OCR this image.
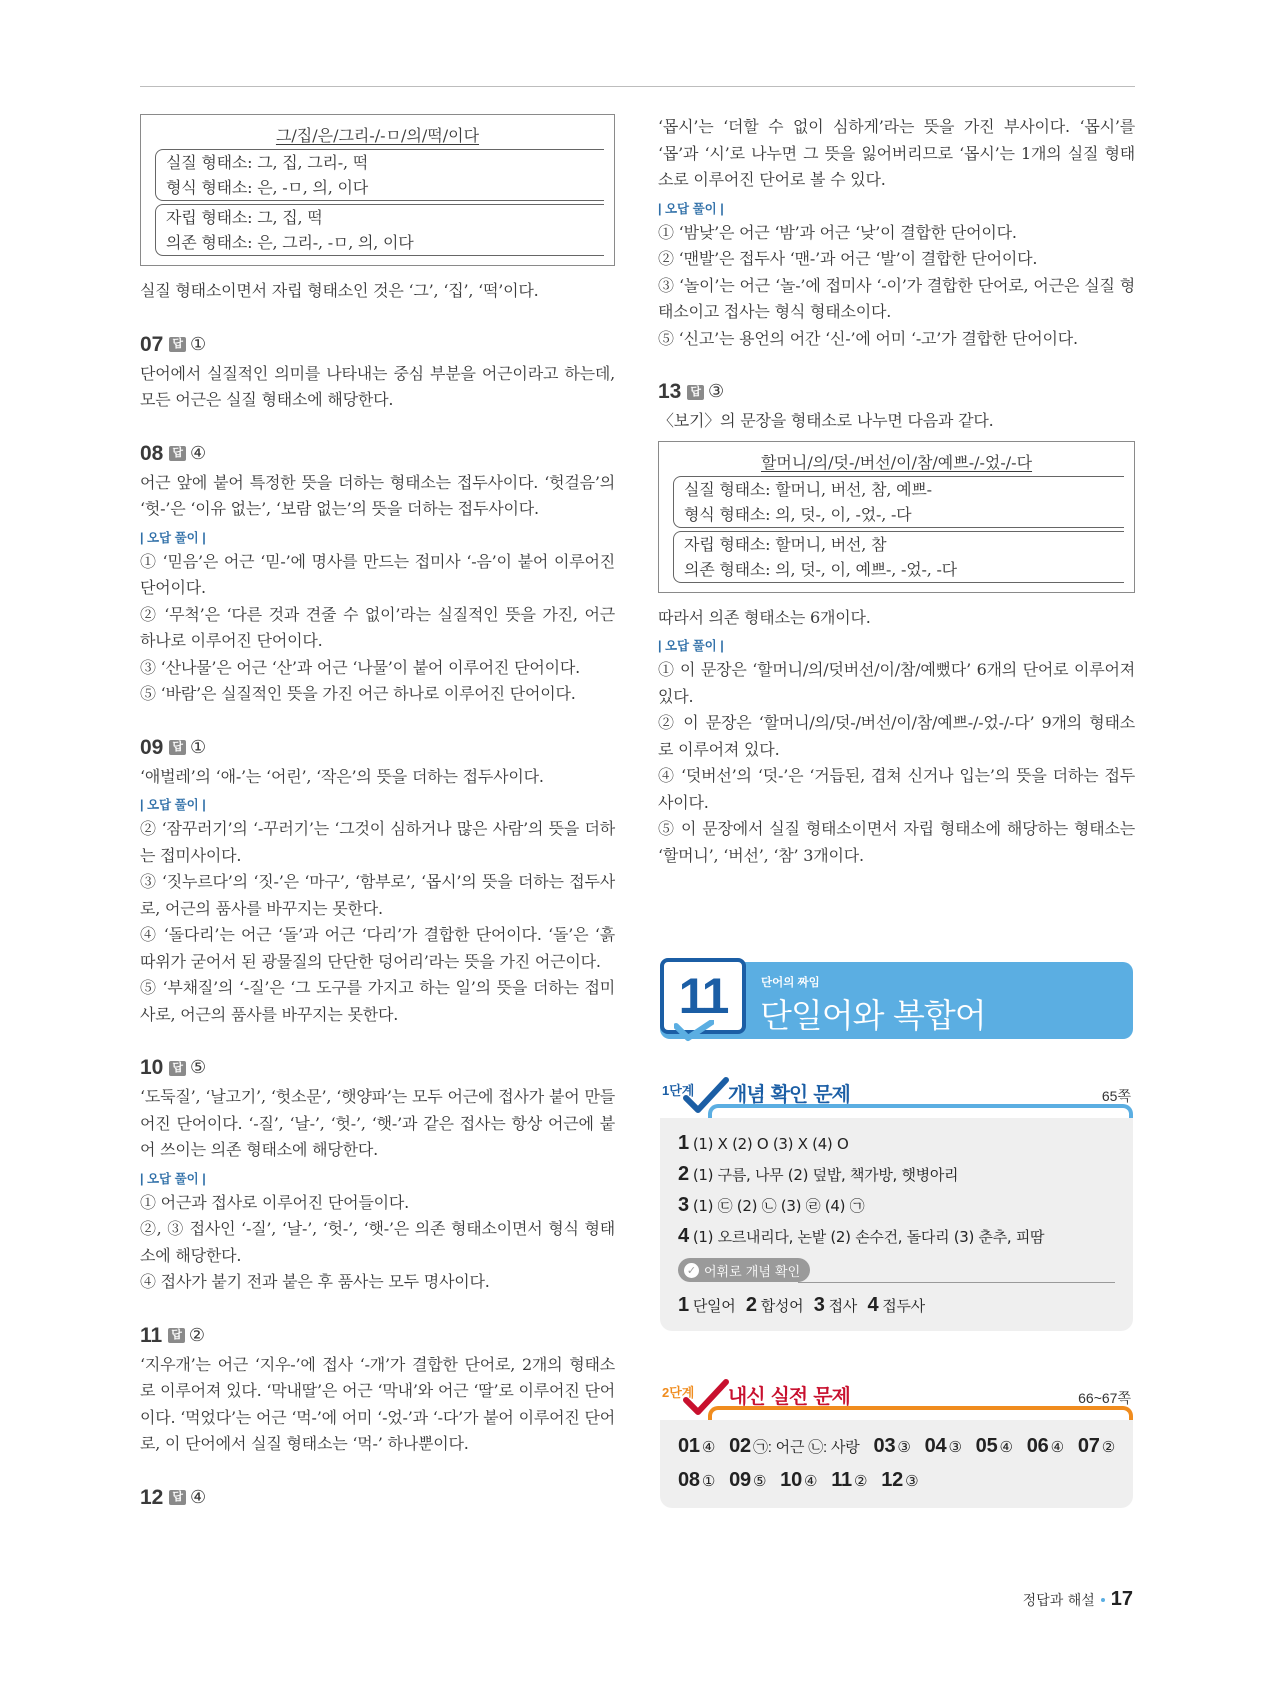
그/집/은/그리-/-ㅁ/의/떡/이다

실질 형태소: 그, 집, 그리-, 떡

형식 형태소: 은, -ㅁ, 의, 이다

자립 형태소: 그, 집, 떡

의존 형태소: 은, 그리-, -ㅁ, 의, 이다

실질 형태소이면서 자립 형태소인 것은 ‘그’, ‘집’, ‘떡’이다.

07 답 ①

단어에서 실질적인 의미를 나타내는 중심 부분을 어근이라고 하는데, 모든 어근은 실질 형태소에 해당한다.

08 답 ④

어근 앞에 붙어 특정한 뜻을 더하는 형태소는 접두사이다. ‘헛걸음’의 ‘헛-’은 ‘이유 없는’, ‘보람 없는’의 뜻을 더하는 접두사이다.

| 오답 풀이 |

① ‘믿음’은 어근 ‘믿-’에 명사를 만드는 접미사 ‘-음’이 붙어 이루어진 단어이다.

② ‘무척’은 ‘다른 것과 견줄 수 없이’라는 실질적인 뜻을 가진, 어근 하나로 이루어진 단어이다.

③ ‘산나물’은 어근 ‘산’과 어근 ‘나물’이 붙어 이루어진 단어이다.

⑤ ‘바람’은 실질적인 뜻을 가진 어근 하나로 이루어진 단어이다.

09 답 ①

‘애벌레’의 ‘애-’는 ‘어린’, ‘작은’의 뜻을 더하는 접두사이다.

| 오답 풀이 |

② ‘잠꾸러기’의 ‘-꾸러기’는 ‘그것이 심하거나 많은 사람’의 뜻을 더하는 접미사이다.

③ ‘짓누르다’의 ‘짓-’은 ‘마구’, ‘함부로’, ‘몹시’의 뜻을 더하는 접두사로, 어근의 품사를 바꾸지는 못한다.

④ ‘돌다리’는 어근 ‘돌’과 어근 ‘다리’가 결합한 단어이다. ‘돌’은 ‘흙 따위가 굳어서 된 광물질의 단단한 덩어리’라는 뜻을 가진 어근이다.

⑤ ‘부채질’의 ‘-질’은 ‘그 도구를 가지고 하는 일’의 뜻을 더하는 접미사로, 어근의 품사를 바꾸지는 못한다.

10 답 ⑤

‘도둑질’, ‘날고기’, ‘헛소문’, ‘햇양파’는 모두 어근에 접사가 붙어 만들어진 단어이다. ‘-질’, ‘날-’, ‘헛-’, ‘햇-’과 같은 접사는 항상 어근에 붙어 쓰이는 의존 형태소에 해당한다.

| 오답 풀이 |

① 어근과 접사로 이루어진 단어들이다.

②, ③ 접사인 ‘-질’, ‘날-’, ‘헛-’, ‘햇-’은 의존 형태소이면서 형식 형태소에 해당한다.

④ 접사가 붙기 전과 붙은 후 품사는 모두 명사이다.

11 답 ②

‘지우개’는 어근 ‘지우-’에 접사 ‘-개’가 결합한 단어로, 2개의 형태소로 이루어져 있다. ‘막내딸’은 어근 ‘막내’와 어근 ‘딸’로 이루어진 단어이다. ‘먹었다’는 어근 ‘먹-’에 어미 ‘-었-’과 ‘-다’가 붙어 이루어진 단어로, 이 단어에서 실질 형태소는 ‘먹-’ 하나뿐이다.

12 답 ④

‘몹시’는 ‘더할 수 없이 심하게’라는 뜻을 가진 부사이다. ‘몹시’를 ‘몹’과 ‘시’로 나누면 그 뜻을 잃어버리므로 ‘몹시’는 1개의 실질 형태소로 이루어진 단어로 볼 수 있다.

| 오답 풀이 |

① ‘밤낮’은 어근 ‘밤’과 어근 ‘낮’이 결합한 단어이다.

② ‘맨발’은 접두사 ‘맨-’과 어근 ‘발’이 결합한 단어이다.

③ ‘놀이’는 어근 ‘놀-’에 접미사 ‘-이’가 결합한 단어로, 어근은 실질 형태소이고 접사는 형식 형태소이다.

⑤ ‘신고’는 용언의 어간 ‘신-’에 어미 ‘-고’가 결합한 단어이다.

13 답 ③

〈보기〉의 문장을 형태소로 나누면 다음과 같다.

할머니/의/덧-/버선/이/참/예쁘-/-었-/-다

실질 형태소: 할머니, 버선, 참, 예쁘-

형식 형태소: 의, 덧-, 이, -었-, -다

자립 형태소: 할머니, 버선, 참

의존 형태소: 의, 덧-, 이, 예쁘-, -었-, -다

따라서 의존 형태소는 6개이다.

| 오답 풀이 |

① 이 문장은 ‘할머니/의/덧버선/이/참/예뻤다’ 6개의 단어로 이루어져 있다.

② 이 문장은 ‘할머니/의/덧-/버선/이/참/예쁘-/-었-/-다’ 9개의 형태소로 이루어져 있다.

④ ‘덧버선’의 ‘덧-’은 ‘거듭된, 겹쳐 신거나 입는’의 뜻을 더하는 접두사이다.

⑤ 이 문장에서 실질 형태소이면서 자립 형태소에 해당하는 형태소는 ‘할머니’, ‘버선’, ‘참’ 3개이다.

11	단어의 짜임
단일어와 복합어
1단계 개념 확인 문제	65쪽
1 (1) X (2) O (3) X (4) O
2 (1) 구름, 나무 (2) 덮밥, 책가방, 햇병아리
3 (1) ㉢ (2) ㉡ (3) ㉣ (4) ㉠
4 (1) 오르내리다, 논밭 (2) 손수건, 돌다리 (3) 춘추, 피땀
✓ 어휘로 개념 확인
1 단일어 2 합성어 3 접사 4 접두사
2단계 내신 실전 문제	66~67쪽
01 ④ 02 ㉠: 어근 ㉡: 사랑 03 ③ 04 ③ 05 ④ 06 ④ 07 ②
08 ① 09 ⑤ 10 ④ 11 ② 12 ③
정답과 해설 17
